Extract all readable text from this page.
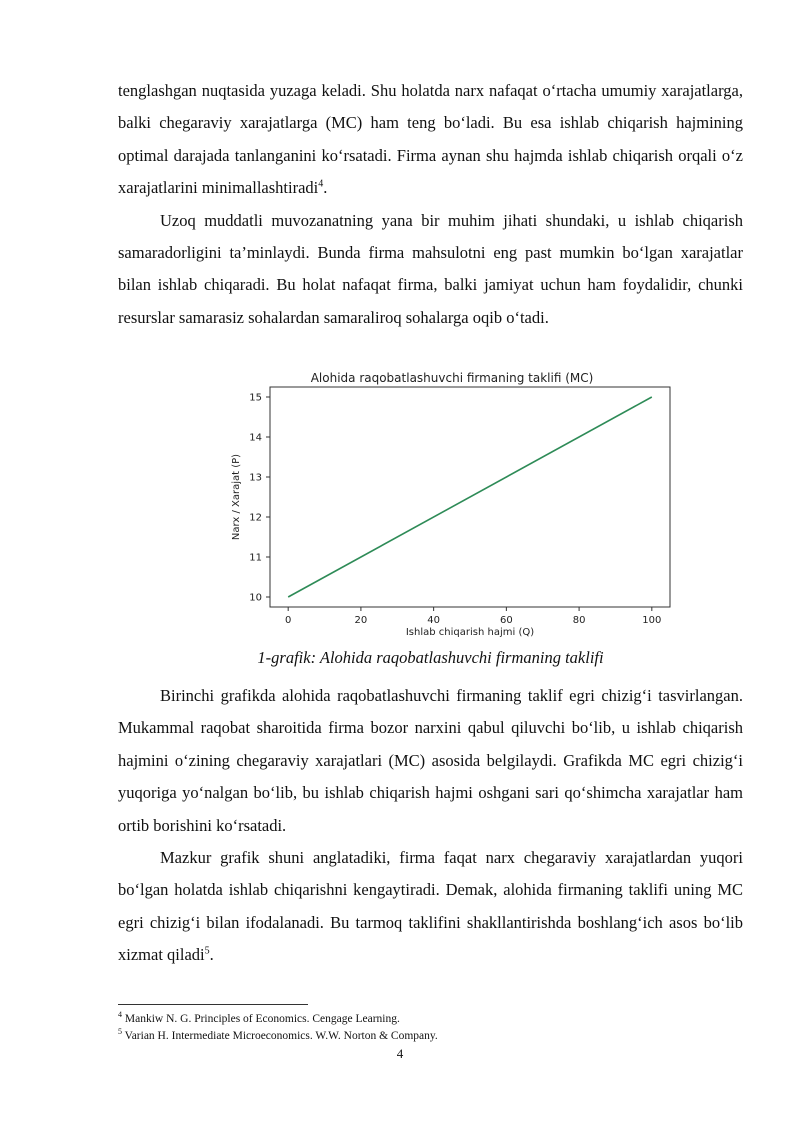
tenglashgan nuqtasida yuzaga keladi. Shu holatda narx nafaqat o‘rtacha umumiy xarajatlarga, balki chegaraviy xarajatlarga (MC) ham teng bo‘ladi. Bu esa ishlab chiqarish hajmining optimal darajada tanlanganini ko‘rsatadi. Firma aynan shu hajmda ishlab chiqarish orqali o‘z xarajatlarini minimallashtiradi$^4$.

Uzoq muddatli muvozanatning yana bir muhim jihati shundaki, u ishlab chiqarish samaradorligini ta’minlaydi. Bunda firma mahsulotni eng past mumkin bo‘lgan xarajatlar bilan ishlab chiqaradi. Bu holat nafaqat firma, balki jamiyat uchun ham foydalidir, chunki resurslar samarasiz sohalardan samaraliroq sohalarga oqib o‘tadi.

Alohida raqobatlashuvchi firmaning taklifi (MC)
0	20	40	60	80	100
10
11
12
13
14
15
Ishlab chiqarish hajmi (Q)
Narx / Xarajat (P)
1-grafik: Alohida raqobatlashuvchi firmaning taklifi

Birinchi grafikda alohida raqobatlashuvchi firmaning taklif egri chizig‘i tasvirlangan. Mukammal raqobat sharoitida firma bozor narxini qabul qiluvchi bo‘lib, u ishlab chiqarish hajmini o‘zining chegaraviy xarajatlari (MC) asosida belgilaydi. Grafikda MC egri chizig‘i yuqoriga yo‘nalgan bo‘lib, bu ishlab chiqarish hajmi oshgani sari qo‘shimcha xarajatlar ham ortib borishini ko‘rsatadi.

Mazkur grafik shuni anglatadiki, firma faqat narx chegaraviy xarajatlardan yuqori bo‘lgan holatda ishlab chiqarishni kengaytiradi. Demak, alohida firmaning taklifi uning MC egri chizig‘i bilan ifodalanadi. Bu tarmoq taklifini shakllantirishda boshlang‘ich asos bo‘lib xizmat qiladi$^5$.

$^4$ Mankiw N. G. Principles of Economics. Cengage Learning.
$^5$ Varian H. Intermediate Microeconomics. W.W. Norton & Company.
4
